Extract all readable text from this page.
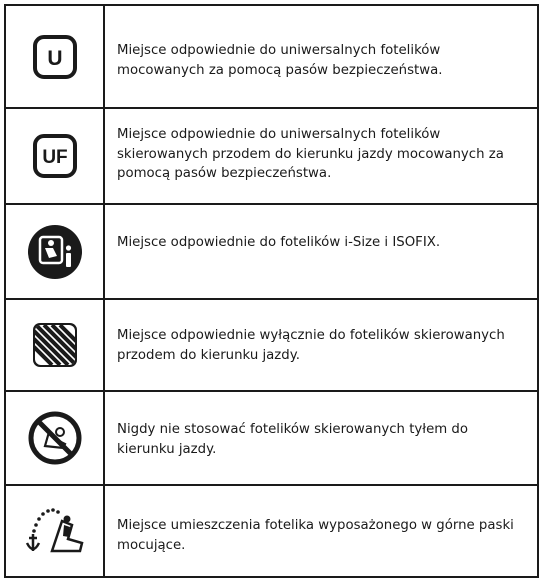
U	Miejsce odpowiednie do uniwersalnych fotelików
mocowanych za pomocą pasów bezpieczeństwa.
UF
Miejsce odpowiednie do uniwersalnych fotelików
skierowanych przodem do kierunku jazdy mocowanych za
pomocą pasów bezpieczeństwa.
Miejsce odpowiednie do fotelików i-Size i ISOFIX.
Miejsce odpowiednie wyłącznie do fotelików skierowanych
przodem do kierunku jazdy.
Nigdy nie stosować fotelików skierowanych tyłem do
kierunku jazdy.
Miejsce umieszczenia fotelika wyposażonego w górne paski
mocujące.
